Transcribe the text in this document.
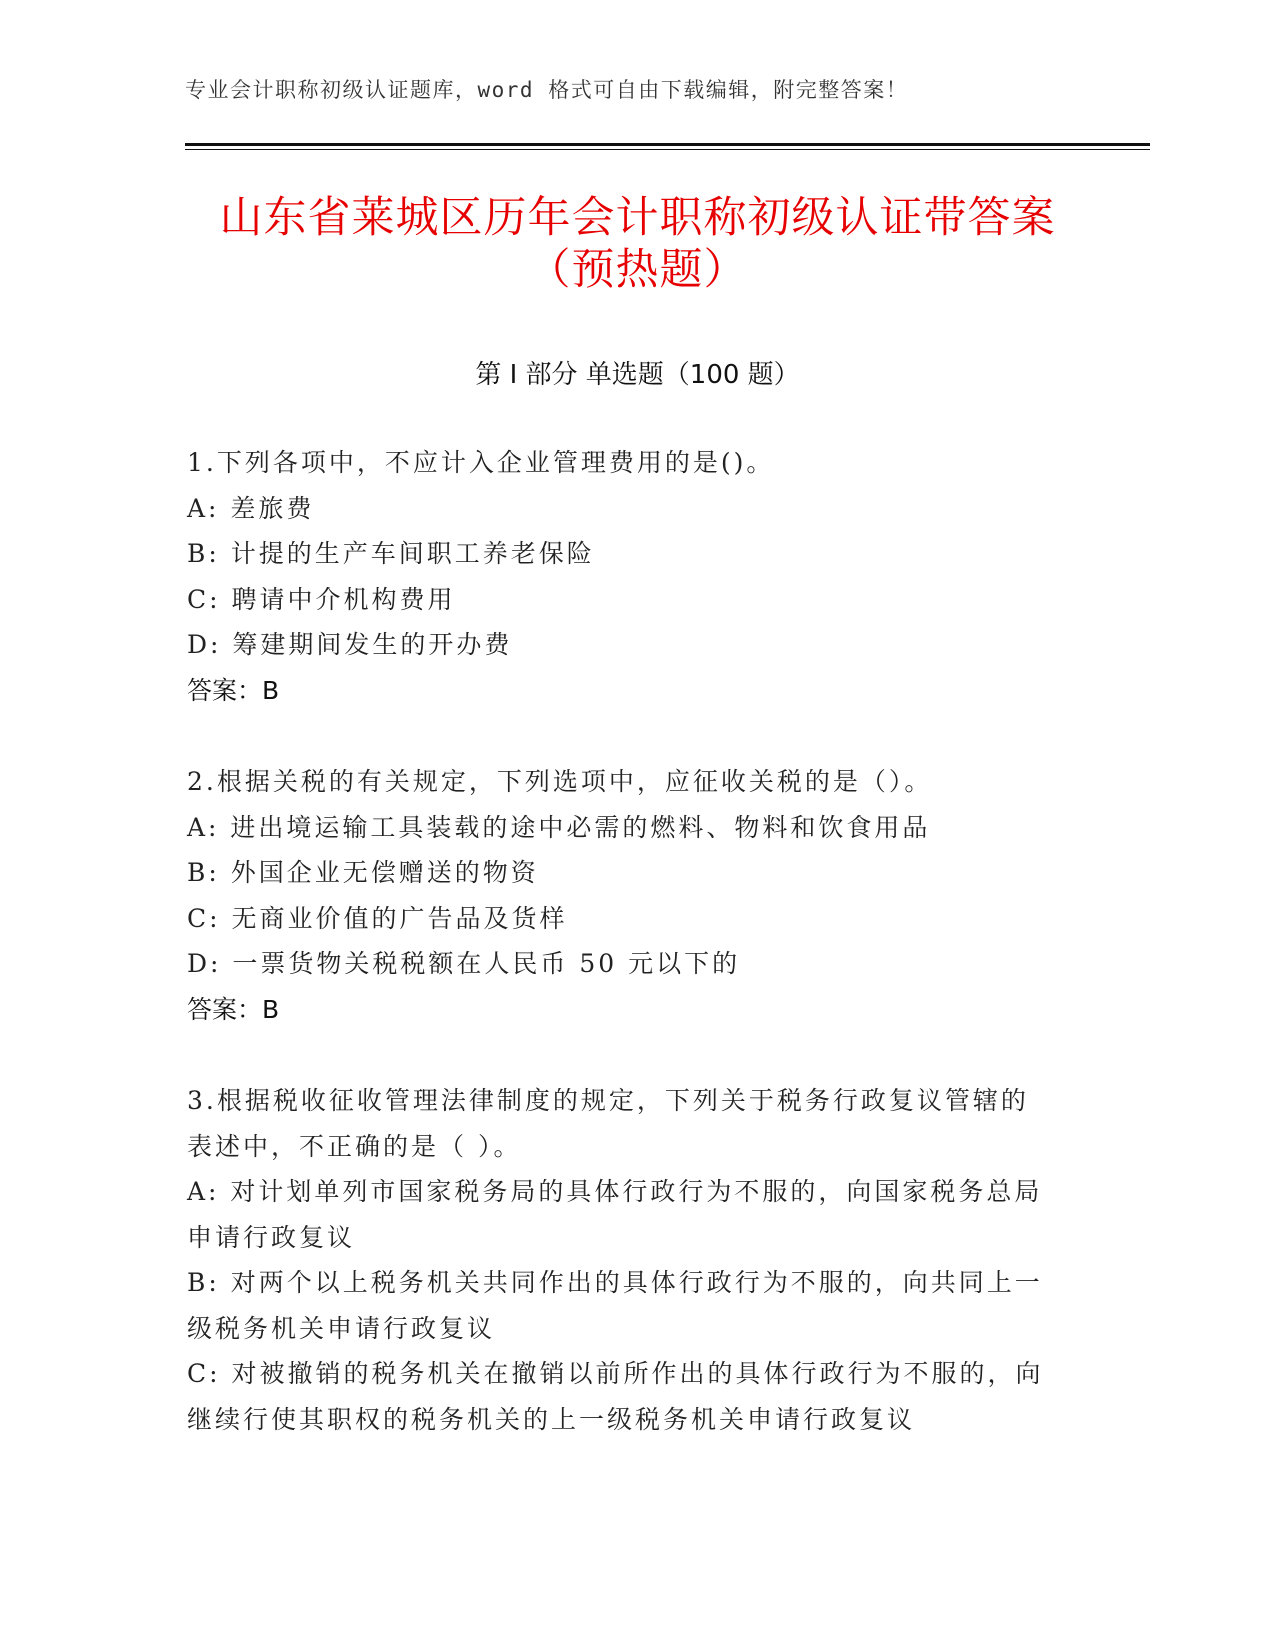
专业会计职称初级认证题库，word 格式可自由下载编辑，附完整答案！
山东省莱城区历年会计职称初级认证带答案
（预热题）
第 I 部分 单选题（100 题）
1.下列各项中，不应计入企业管理费用的是()。
A: 差旅费
B: 计提的生产车间职工养老保险
C: 聘请中介机构费用
D: 筹建期间发生的开办费
答案：B
2.根据关税的有关规定，下列选项中，应征收关税的是（）。
A: 进出境运输工具装载的途中必需的燃料、物料和饮食用品
B: 外国企业无偿赠送的物资
C: 无商业价值的广告品及货样
D: 一票货物关税税额在人民币 50 元以下的
答案：B
3.根据税收征收管理法律制度的规定，下列关于税务行政复议管辖的
表述中，不正确的是（ ）。
A: 对计划单列市国家税务局的具体行政行为不服的，向国家税务总局
申请行政复议
B: 对两个以上税务机关共同作出的具体行政行为不服的，向共同上一
级税务机关申请行政复议
C: 对被撤销的税务机关在撤销以前所作出的具体行政行为不服的，向
继续行使其职权的税务机关的上一级税务机关申请行政复议
